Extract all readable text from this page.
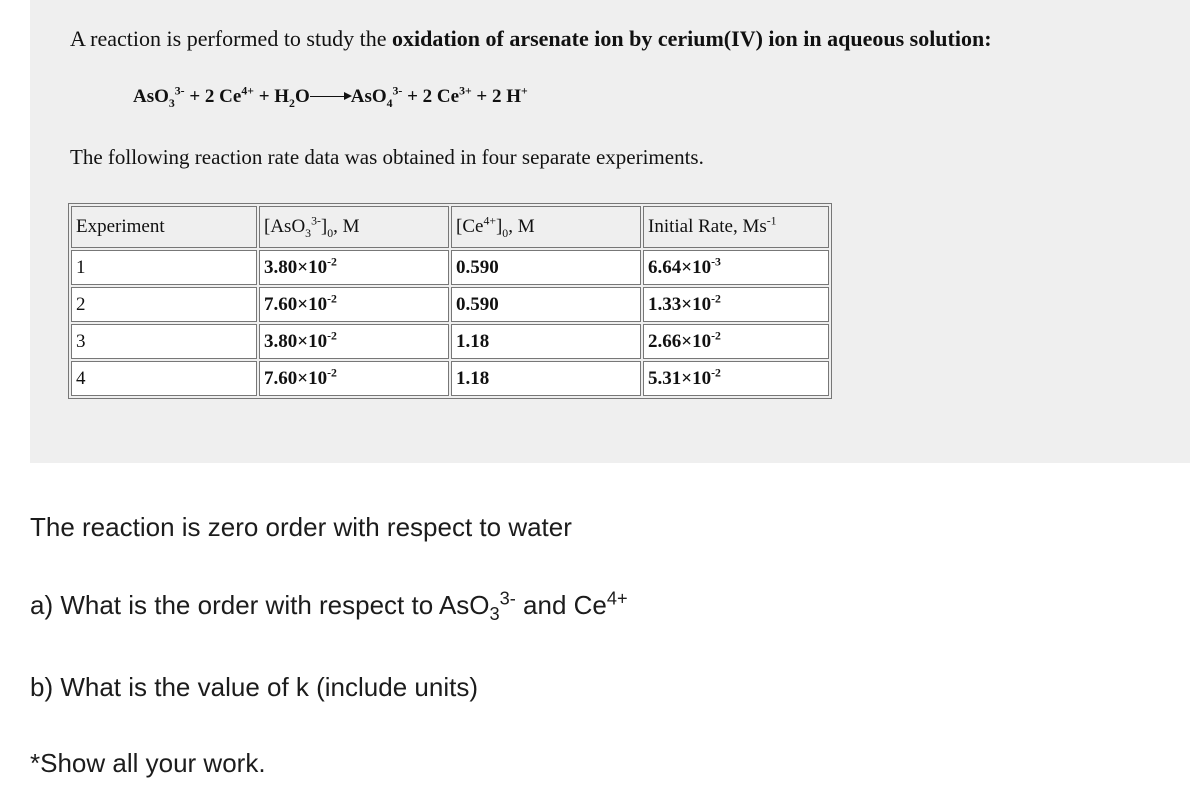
A reaction is performed to study the oxidation of arsenate ion by cerium(IV) ion in aqueous solution:
AsO$_3^{3-}$ + 2 $Ce^{4+} + H_2O\to AsO_4^{3-} + 2$ $Ce^{3+} + 2$ H+
The following reaction rate data was obtained in four separate experiments.
Experiment	$[AsO_3^{3-}]_0$, M	$[Ce^{4+}]_0$, M	Initial Rate, $Ms^{-1}$
1	$3.80\times 10^{-2}$	0.590	$6.64\times 10^{-3}$
2	$7.60\times 10^{-2}$	0.590	$1.33\times 10^{-2}$
3	$3.80\times 10^{-2}$	1.18	$2.66\times 10^{-2}$
4	$7.60\times 10^{-2}$	1.18	$5.31\times 10^{-2}$
The reaction is zero order with respect to water
a) What is the order with respect to AsO$_3^{3-}$ and $Ce^{4+}$
b) What is the value of k (include units)
*Show all your work.
